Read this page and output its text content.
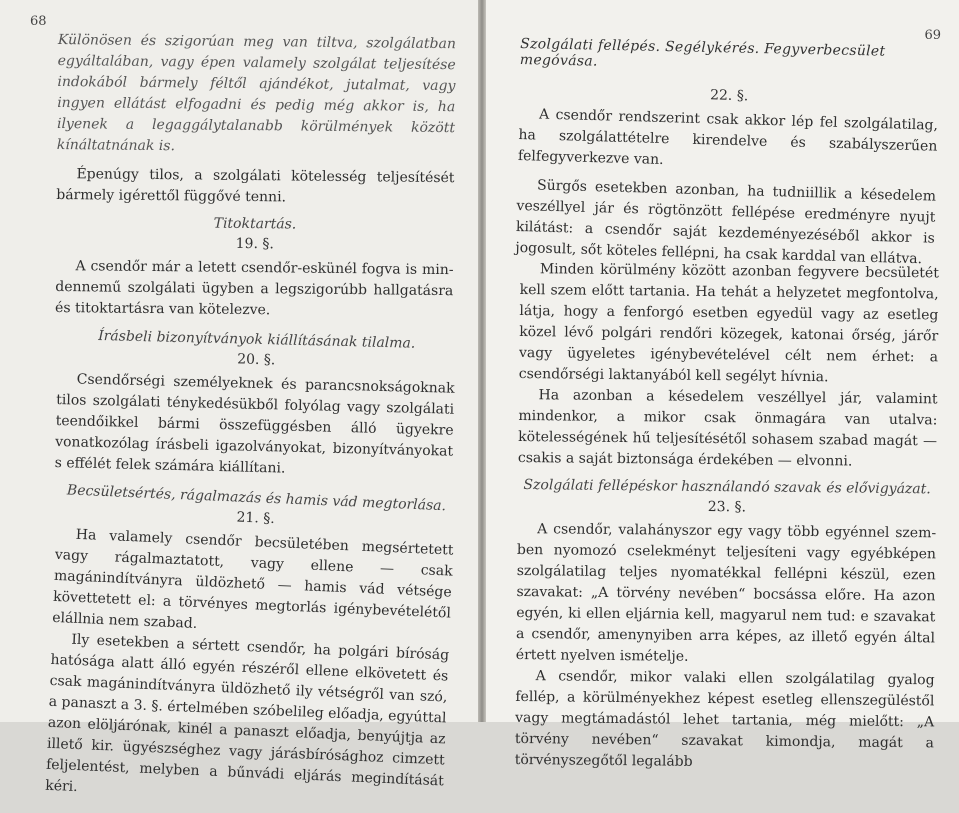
68

Különösen és szigorúan meg van tiltva, szolgálatban egyáltalában, vagy épen valamely szolgálat teljesítése indokából bármely féltől ajándékot, jutalmat, vagy ingyen ellátást elfogadni és pedig még akkor is, ha ilyenek a legaggálytalanabb körülmények között kínáltatnának is.

Épenúgy tilos, a szolgálati kötelesség teljesítését bármely igérettől függővé tenni.

Titoktartás.
19. §.

A csendőr már a letett csendőr-eskünél fogva is mindennemű szolgálati ügyben a legszigorúbb hallgatásra és titoktartásra van kötelezve.

Írásbeli bizonyítványok kiállításának tilalma.
20. §.

Csendőrségi személyeknek és parancsnokságoknak tilos szolgálati ténykedésükből folyólag vagy szolgálati teendőikkel bármi összefüggésben álló ügyekre vonatkozólag írásbeli igazolványokat, bizonyítványokat s effélét felek számára kiállítani.

Becsületsértés, rágalmazás és hamis vád megtorlása.
21. §.

Ha valamely csendőr becsületében megsértetett vagy rágalmaztatott, vagy ellene — csak magánindítványra üldözhető — hamis vád vétsége követtetett el: a törvényes megtorlás igénybevételétől elállnia nem szabad.

Ily esetekben a sértett csendőr, ha polgári bíróság hatósága alatt álló egyén részéről ellene elkövetett és csak magánindítványra üldözhető ily vétségről van szó, a panaszt a 3. §. értelmében szóbelileg előadja, egyúttal azon elöljárónak, kinél a panaszt előadja, benyújtja az illető kir. ügyészséghez vagy járásbírósághoz cimzett feljelentést, melyben a bűnvádi eljárás megindítását kéri.

69
Szolgálati fellépés. Segélykérés. Fegyverbecsület megóvása.
22. §.

A csendőr rendszerint csak akkor lép fel szolgálatilag, ha szolgálattételre kirendelve és szabályszerűen felfegyverkezve van.

Sürgős esetekben azonban, ha tudniillik a késedelem veszéllyel jár és rögtönzött fellépése eredményre nyujt kilátást: a csendőr saját kezdeményezéséből akkor is jogosult, sőt köteles fellépni, ha csak karddal van ellátva.

Minden körülmény között azonban fegyvere becsületét kell szem előtt tartania. Ha tehát a helyzetet megfontolva, látja, hogy a fenforgó esetben egyedül vagy az esetleg közel lévő polgári rendőri közegek, katonai őrség, járőr vagy ügyeletes igénybevételével célt nem érhet: a csendőrségi laktanyából kell segélyt hívnia.

Ha azonban a késedelem veszéllyel jár, valamint mindenkor, a mikor csak önmagára van utalva: kötelességének hű teljesítésétől sohasem szabad magát — csakis a saját biztonsága érdekében — elvonni.

Szolgálati fellépéskor használandó szavak és elővigyázat.
23. §.

A csendőr, valahányszor egy vagy több egyénnel szemben nyomozó cselekményt teljesíteni vagy egyébképen szolgálatilag teljes nyomatékkal fellépni készül, ezen szavakat: „A törvény nevében“ bocsássa előre. Ha azon egyén, ki ellen eljárnia kell, magyarul nem tud: e szavakat a csendőr, amenynyiben arra képes, az illető egyén által értett nyelven ismételje.

A csendőr, mikor valaki ellen szolgálatilag gyalog fellép, a körülményekhez képest esetleg ellenszegüléstől vagy megtámadástól lehet tartania, még mielőtt: „A törvény nevében“ szavakat kimondja, magát a törvényszegőtől legalább
